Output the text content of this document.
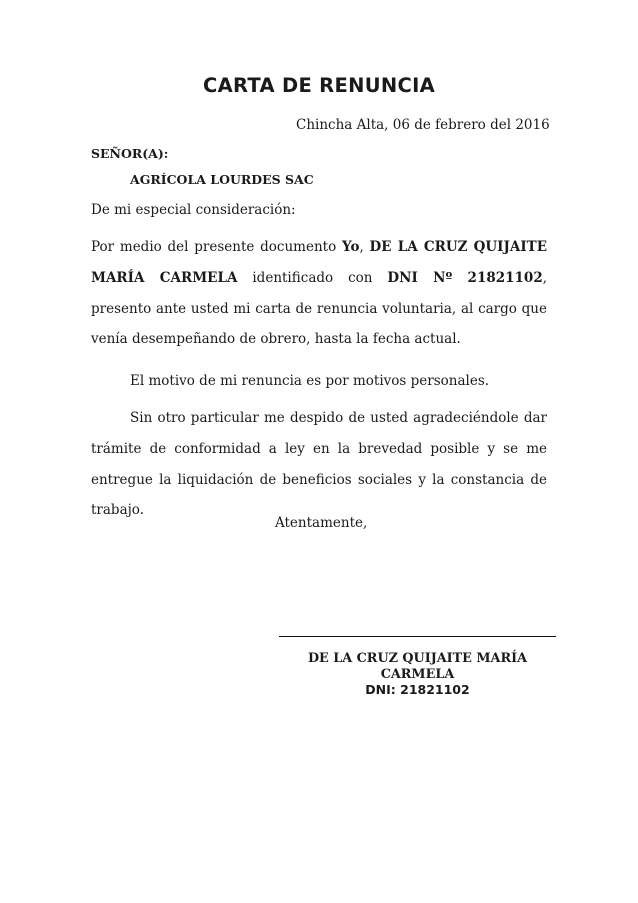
CARTA DE RENUNCIA
Chincha Alta, 06 de febrero del 2016
SEÑOR(A):
AGRÍCOLA LOURDES SAC
De mi especial consideración:

Por medio del presente documento Yo, DE LA CRUZ QUIJAITE MARÍA CARMELA identificado con DNI Nº 21821102, presento ante usted mi carta de renuncia voluntaria, al cargo que venía desempeñando de obrero, hasta la fecha actual.

El motivo de mi renuncia es por motivos personales.

Sin otro particular me despido de usted agradeciéndole dar trámite de conformidad a ley en la brevedad posible y se me entregue la liquidación de beneficios sociales y la constancia de trabajo.

Atentamente,
DE LA CRUZ QUIJAITE MARÍA
CARMELA
DNI: 21821102
